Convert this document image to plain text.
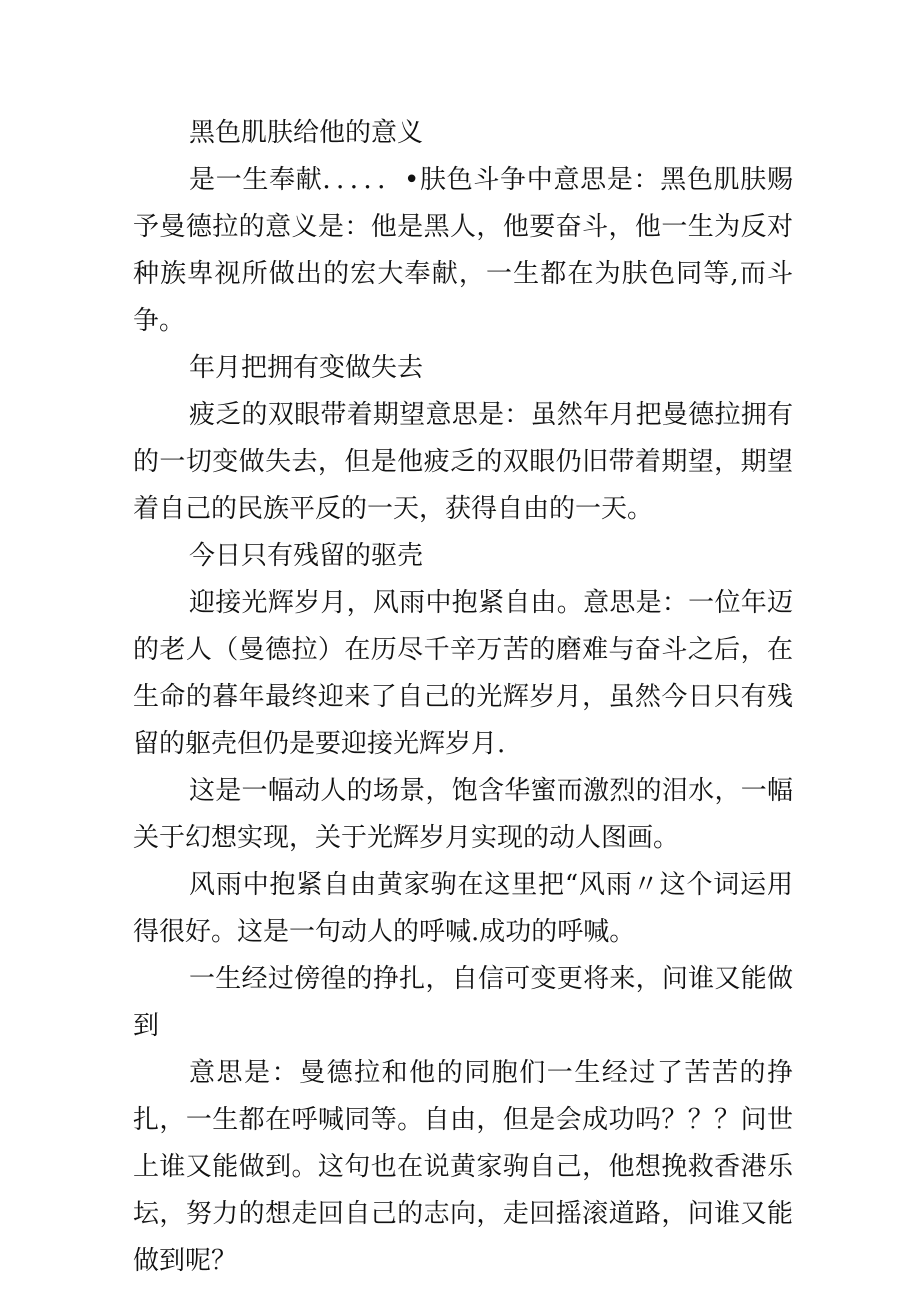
黑色肌肤给他的意义

是一生奉献．．．．．•肤色斗争中意思是：黑色肌肤赐予曼德拉的意义是：他是黑人，他要奋斗，他一生为反对种族卑视所做出的宏大奉献，一生都在为肤色同等,而斗争。

年月把拥有变做失去

疲乏的双眼带着期望意思是：虽然年月把曼德拉拥有的一切变做失去，但是他疲乏的双眼仍旧带着期望，期望着自己的民族平反的一天，获得自由的一天。

今日只有残留的驱壳

迎接光辉岁月，风雨中抱紧自由。意思是：一位年迈的老人（曼德拉）在历尽千辛万苦的磨难与奋斗之后，在生命的暮年最终迎来了自己的光辉岁月，虽然今日只有残留的躯壳但仍是要迎接光辉岁月.

这是一幅动人的场景，饱含华蜜而激烈的泪水，一幅关于幻想实现，关于光辉岁月实现的动人图画。

风雨中抱紧自由黄家驹在这里把“风雨〃这个词运用得很好。这是一句动人的呼喊.成功的呼喊。

一生经过傍徨的挣扎，自信可变更将来，问谁又能做到

意思是：曼德拉和他的同胞们一生经过了苦苦的挣扎，一生都在呼喊同等。自由，但是会成功吗？？？问世上谁又能做到。这句也在说黄家驹自己，他想挽救香港乐坛，努力的想走回自己的志向，走回摇滚道路，问谁又能做到呢？
